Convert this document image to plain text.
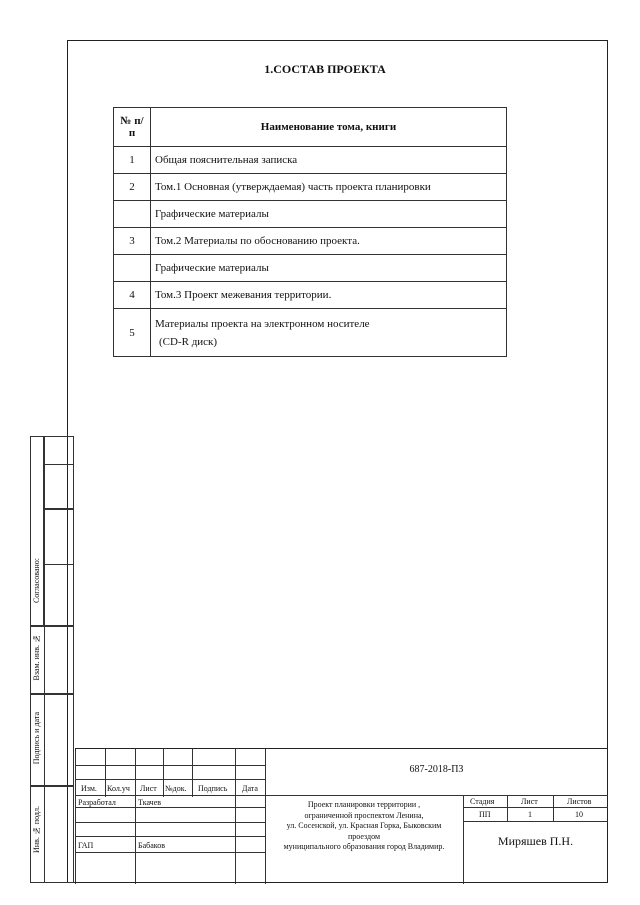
1.СОСТАВ ПРОЕКТА
№ п/п	Наименование тома, книги
1	Общая пояснительная записка

2	Том.1 Основная (утверждаемая) часть проекта планировки

	Графические материалы

3	Том.2 Материалы по обоснованию проекта.

	Графические материалы

4	Том.3 Проект межевания территории.

5	Материалы проекта на электронном носителе
(CD-R диск)
Согласовано:
Взам. инв. №
Подпись и дата
Инв. № подл.
687-2018-ПЗ
Изм. Кол.уч Лист №док. Подпись Дата
Разработал	Ткачев
ГАП	Бабаков
Проект планировки территории ,
ограниченной проспектом Ленина,
ул. Сосенской, ул. Красная Горка, Быковским
проездом
муниципального образования город Владимир.
Стадия	Лист	Листов
ПП	1	10
Миряшев П.Н.
